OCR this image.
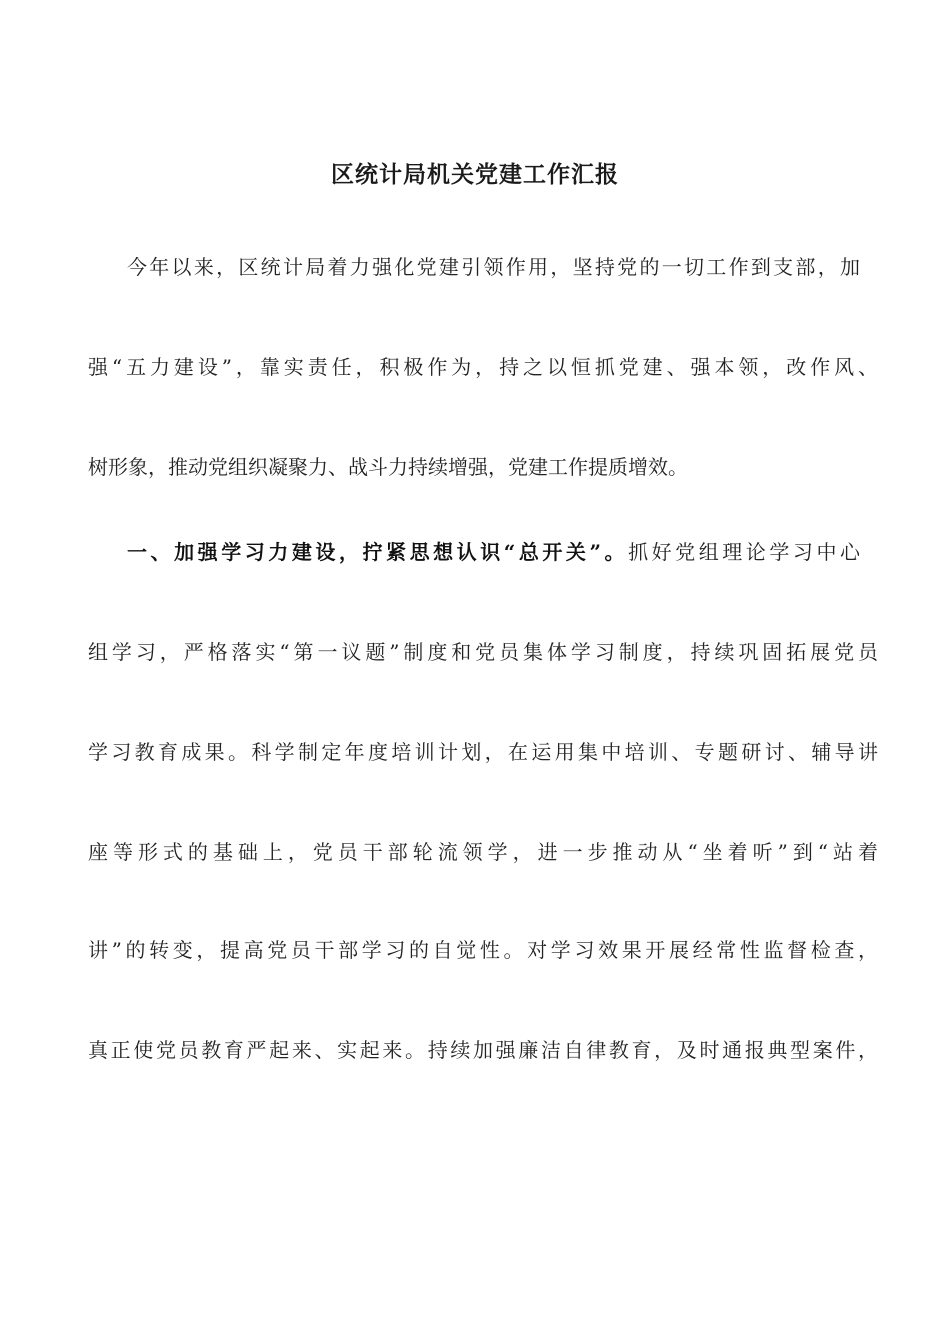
区统计局机关党建工作汇报
今年以来，区统计局着力强化党建引领作用，坚持党的一切工作到支部，加
强“五力建设”，靠实责任，积极作为，持之以恒抓党建、强本领，改作风、
树形象，推动党组织凝聚力、战斗力持续增强，党建工作提质增效。
一、加强学习力建设，拧紧思想认识“总开关”。抓好党组理论学习中心
组学习，严格落实“第一议题”制度和党员集体学习制度，持续巩固拓展党员
学习教育成果。科学制定年度培训计划，在运用集中培训、专题研讨、辅导讲
座等形式的基础上，党员干部轮流领学，进一步推动从“坐着听”到“站着
讲”的转变，提高党员干部学习的自觉性。对学习效果开展经常性监督检查，
真正使党员教育严起来、实起来。持续加强廉洁自律教育，及时通报典型案件，
